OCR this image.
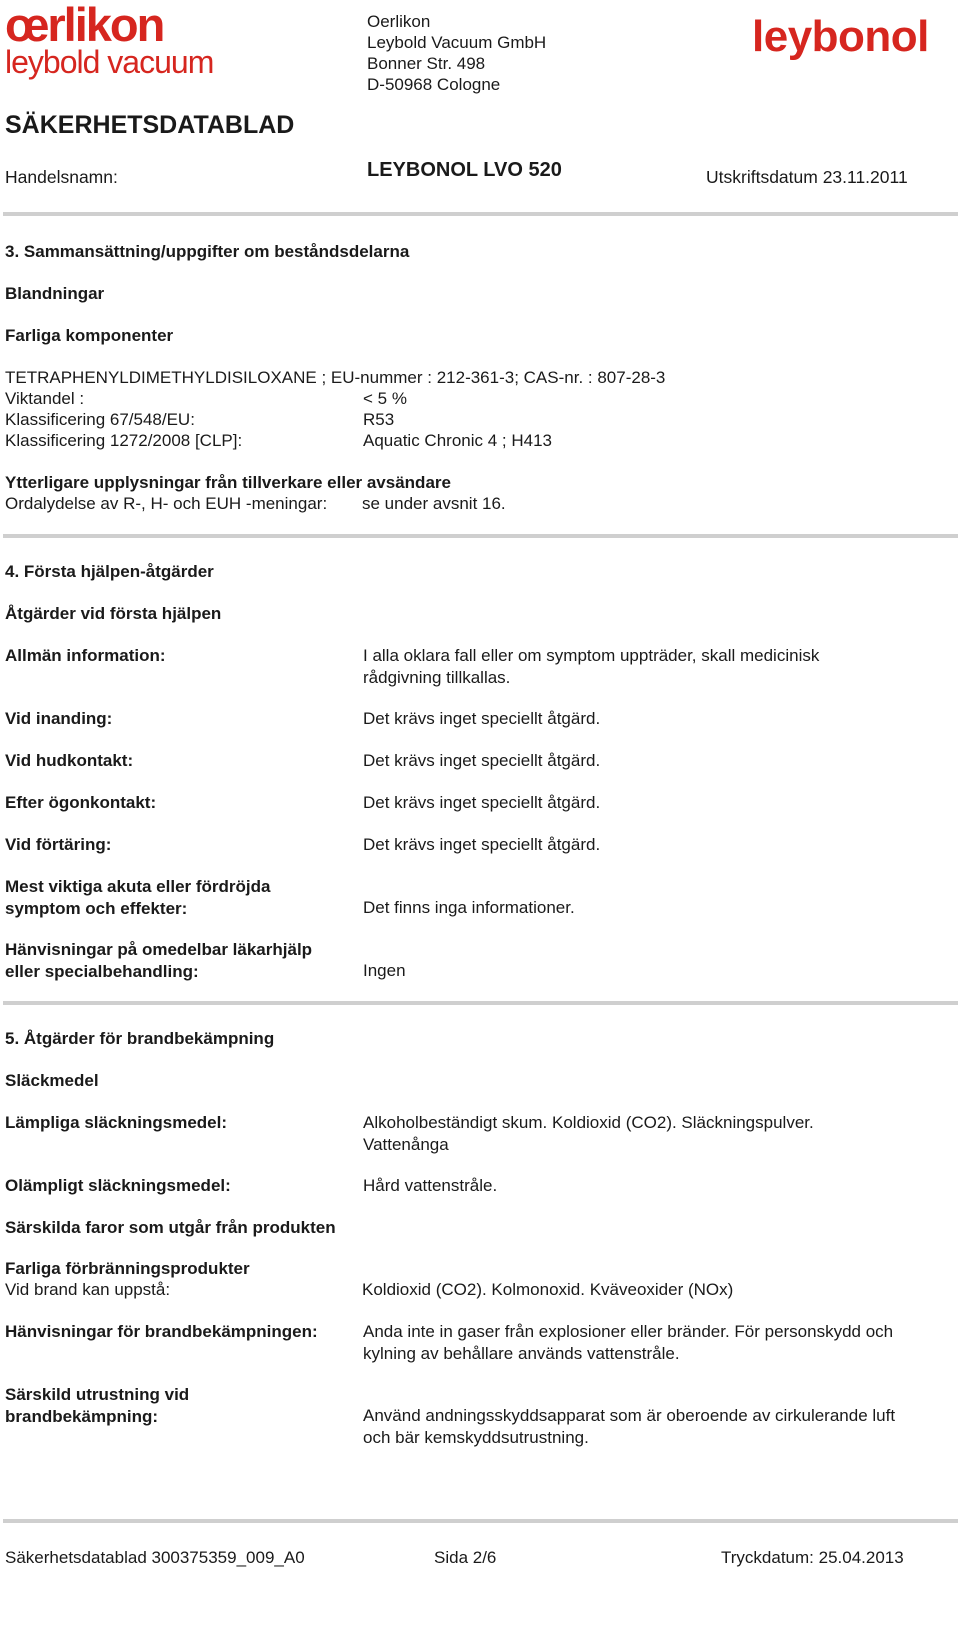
œrlikon
leybold vacuum
Oerlikon
Leybold Vacuum GmbH
Bonner Str. 498
D-50968 Cologne
leybonol
SÄKERHETSDATABLAD
Handelsnamn:	LEYBONOL LVO 520	Utskriftsdatum 23.11.2011
3. Sammansättning/uppgifter om beståndsdelarna
Blandningar
Farliga komponenter
TETRAPHENYLDIMETHYLDISILOXANE ; EU-nummer : 212-361-3; CAS-nr. : 807-28-3
Viktandel :	< 5 %
Klassificering 67/548/EU:	R53
Klassificering 1272/2008 [CLP]:	Aquatic Chronic 4 ; H413
Ytterligare upplysningar från tillverkare eller avsändare
Ordalydelse av R-, H- och EUH -meningar: se under avsnit 16.
4. Första hjälpen-åtgärder
Åtgärder vid första hjälpen
Allmän information:	I alla oklara fall eller om symptom uppträder, skall medicinisk rådgivning tillkallas.
Vid inanding:	Det krävs inget speciellt åtgärd.
Vid hudkontakt:	Det krävs inget speciellt åtgärd.
Efter ögonkontakt:	Det krävs inget speciellt åtgärd.
Vid förtäring:	Det krävs inget speciellt åtgärd.
Mest viktiga akuta eller fördröjda symptom och effekter:	Det finns inga informationer.
Hänvisningar på omedelbar läkarhjälp eller specialbehandling:	Ingen
5. Åtgärder för brandbekämpning
Släckmedel
Lämpliga släckningsmedel:	Alkoholbeständigt skum. Koldioxid (CO2). Släckningspulver. Vattenånga
Olämpligt släckningsmedel:	Hård vattenstråle.
Särskilda faror som utgår från produkten
Farliga förbränningsprodukter
Vid brand kan uppstå:	Koldioxid (CO2). Kolmonoxid. Kväveoxider (NOx)
Hänvisningar för brandbekämpningen:	Anda inte in gaser från explosioner eller bränder. För personskydd och kylning av behållare används vattenstråle.
Särskild utrustning vid brandbekämpning:	Använd andningsskyddsapparat som är oberoende av cirkulerande luft och bär kemskyddsutrustning.
Säkerhetsdatablad 300375359_009_A0	Sida 2/6	Tryckdatum: 25.04.2013
